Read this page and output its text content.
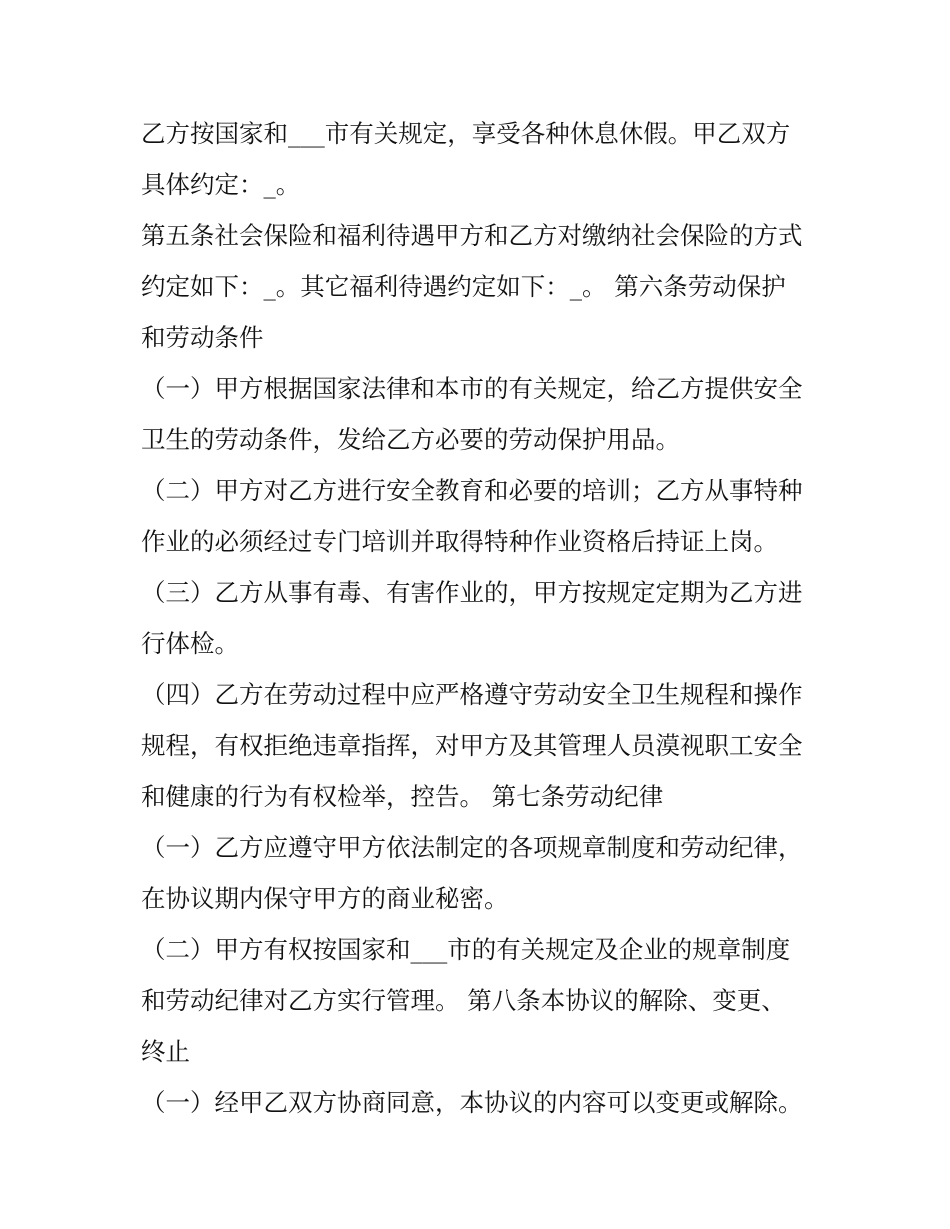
乙方按国家和___市有关规定，享受各种休息休假。甲乙双方
具体约定：_。
第五条社会保险和福利待遇甲方和乙方对缴纳社会保险的方式
约定如下：_。其它福利待遇约定如下：_。 第六条劳动保护
和劳动条件
（一）甲方根据国家法律和本市的有关规定，给乙方提供安全
卫生的劳动条件，发给乙方必要的劳动保护用品。
（二）甲方对乙方进行安全教育和必要的培训；乙方从事特种
作业的必须经过专门培训并取得特种作业资格后持证上岗。
（三）乙方从事有毒、有害作业的，甲方按规定定期为乙方进
行体检。
（四）乙方在劳动过程中应严格遵守劳动安全卫生规程和操作
规程，有权拒绝违章指挥，对甲方及其管理人员漠视职工安全
和健康的行为有权检举，控告。 第七条劳动纪律
（一）乙方应遵守甲方依法制定的各项规章制度和劳动纪律，
在协议期内保守甲方的商业秘密。
（二）甲方有权按国家和___市的有关规定及企业的规章制度
和劳动纪律对乙方实行管理。 第八条本协议的解除、变更、
终止
（一）经甲乙双方协商同意，本协议的内容可以变更或解除。
